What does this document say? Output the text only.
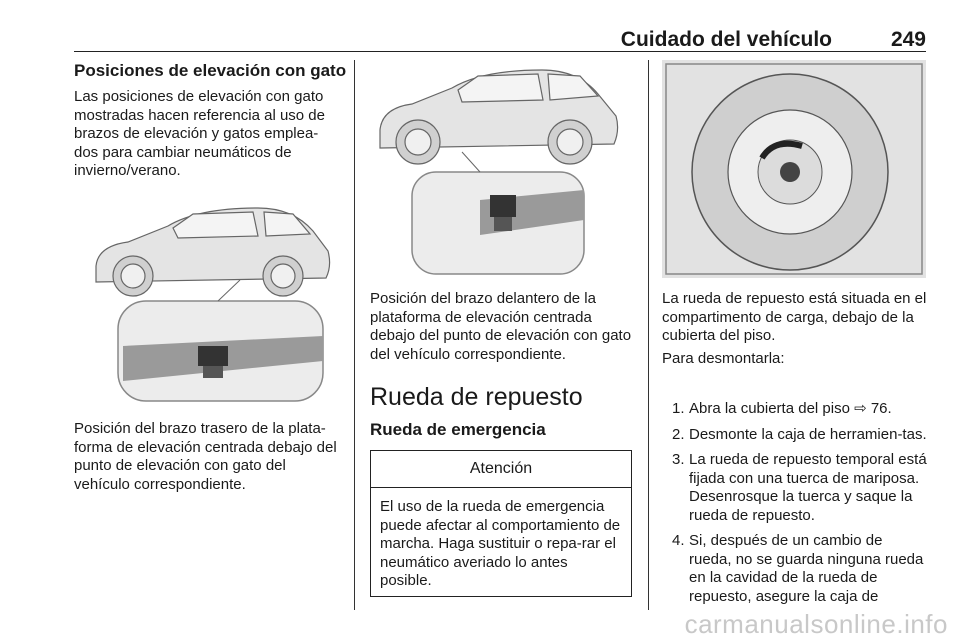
Cuidado del vehículo	249
Posiciones de elevación con gato

Las posiciones de elevación con gato mostradas hacen referencia al uso de brazos de elevación y gatos emplea-dos para cambiar neumáticos de invierno/verano.

Posición del brazo trasero de la plata-forma de elevación centrada debajo del punto de elevación con gato del vehículo correspondiente.

Posición del brazo delantero de la plataforma de elevación centrada debajo del punto de elevación con gato del vehículo correspondiente.

Rueda de repuesto
Rueda de emergencia
Atención
El uso de la rueda de emergencia puede afectar al comportamiento de marcha. Haga sustituir o repa-rar el neumático averiado lo antes posible.

La rueda de repuesto está situada en el compartimento de carga, debajo de la cubierta del piso.

Para desmontarla:

1. Abra la cubierta del piso ⇨ 76.
2. Desmonte la caja de herramien-tas.
3. La rueda de repuesto temporal está fijada con una tuerca de mariposa. Desenrosque la tuerca y saque la rueda de repuesto.
4. Si, después de un cambio de rueda, no se guarda ninguna rueda en la cavidad de la rueda de repuesto, asegure la caja de
carmanualsonline.info
